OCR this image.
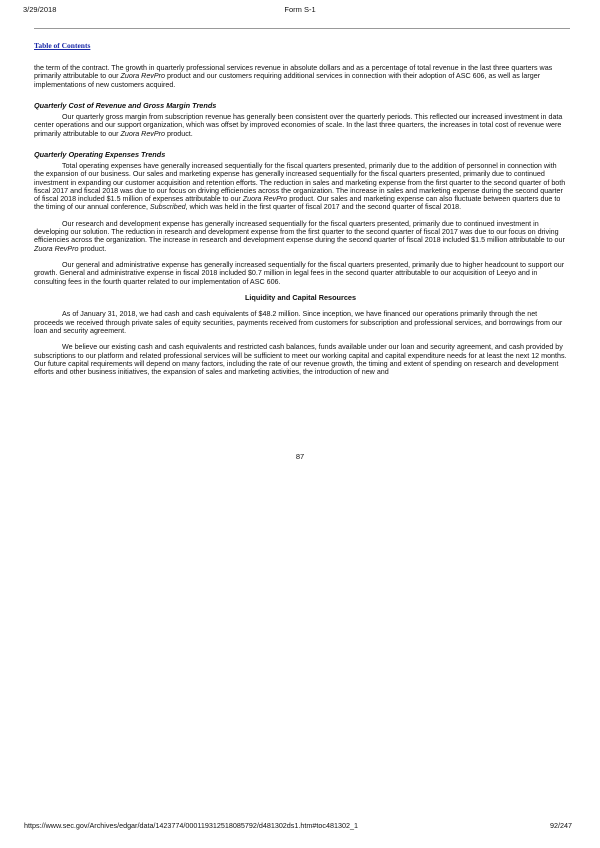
3/29/2018	Form S-1
Table of Contents

the term of the contract. The growth in quarterly professional services revenue in absolute dollars and as a percentage of total revenue in the last three quarters was primarily attributable to our Zuora RevPro product and our customers requiring additional services in connection with their adoption of ASC 606, as well as larger implementations of new customers acquired.

Quarterly Cost of Revenue and Gross Margin Trends

Our quarterly gross margin from subscription revenue has generally been consistent over the quarterly periods. This reflected our increased investment in data center operations and our support organization, which was offset by improved economies of scale. In the last three quarters, the increases in total cost of revenue were primarily attributable to our Zuora RevPro product.

Quarterly Operating Expenses Trends

Total operating expenses have generally increased sequentially for the fiscal quarters presented, primarily due to the addition of personnel in connection with the expansion of our business. Our sales and marketing expense has generally increased sequentially for the fiscal quarters presented, primarily due to continued investment in expanding our customer acquisition and retention efforts. The reduction in sales and marketing expense from the first quarter to the second quarter of both fiscal 2017 and fiscal 2018 was due to our focus on driving efficiencies across the organization. The increase in sales and marketing expense during the second quarter of fiscal 2018 included $1.5 million of expenses attributable to our Zuora RevPro product. Our sales and marketing expense can also fluctuate between quarters due to the timing of our annual conference, Subscribed, which was held in the first quarter of fiscal 2017 and the second quarter of fiscal 2018.

Our research and development expense has generally increased sequentially for the fiscal quarters presented, primarily due to continued investment in developing our solution. The reduction in research and development expense from the first quarter to the second quarter of fiscal 2017 was due to our focus on driving efficiencies across the organization. The increase in research and development expense during the second quarter of fiscal 2018 included $1.5 million attributable to our Zuora RevPro product.

Our general and administrative expense has generally increased sequentially for the fiscal quarters presented, primarily due to higher headcount to support our growth. General and administrative expense in fiscal 2018 included $0.7 million in legal fees in the second quarter attributable to our acquisition of Leeyo and in consulting fees in the fourth quarter related to our implementation of ASC 606.

Liquidity and Capital Resources

As of January 31, 2018, we had cash and cash equivalents of $48.2 million. Since inception, we have financed our operations primarily through the net proceeds we received through private sales of equity securities, payments received from customers for subscription and professional services, and borrowings from our loan and security agreement.

We believe our existing cash and cash equivalents and restricted cash balances, funds available under our loan and security agreement, and cash provided by subscriptions to our platform and related professional services will be sufficient to meet our working capital and capital expenditure needs for at least the next 12 months. Our future capital requirements will depend on many factors, including the rate of our revenue growth, the timing and extent of spending on research and development efforts and other business initiatives, the expansion of sales and marketing activities, the introduction of new and

87
https://www.sec.gov/Archives/edgar/data/1423774/000119312518085792/d481302ds1.htm#toc481302_1	92/247
